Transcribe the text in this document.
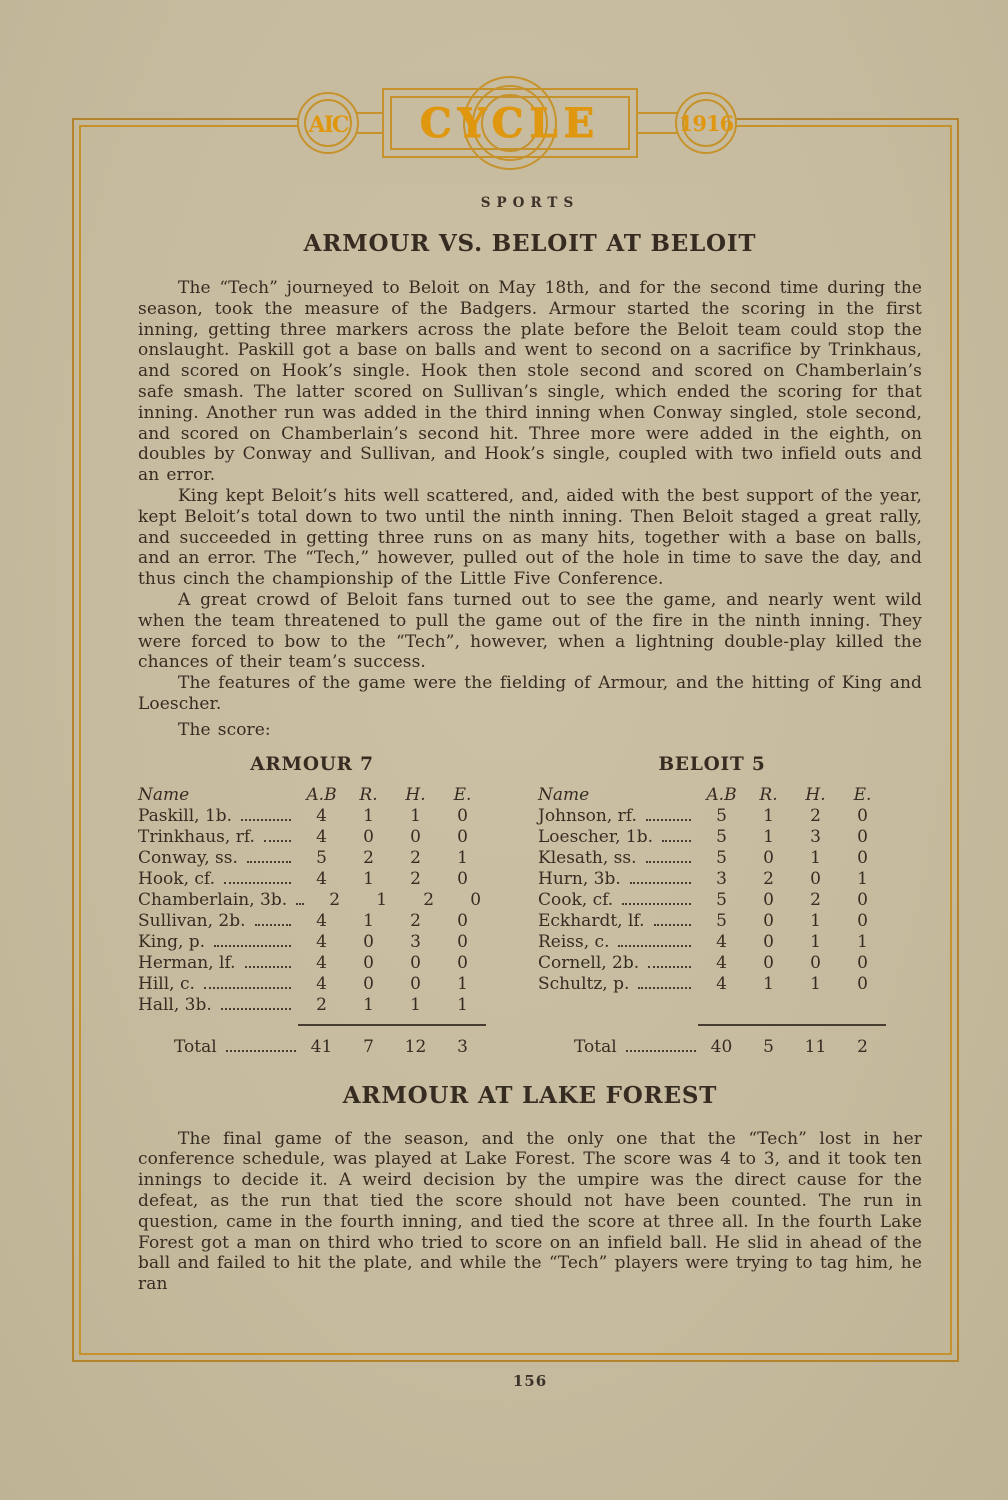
AIC	1916
CYCLE
SPORTS
ARMOUR VS. BELOIT AT BELOIT

The “Tech” journeyed to Beloit on May 18th, and for the second time during the season, took the measure of the Badgers. Armour started the scoring in the first inning, getting three markers across the plate before the Beloit team could stop the onslaught. Paskill got a base on balls and went to second on a sacrifice by Trinkhaus, and scored on Hook’s single. Hook then stole second and scored on Chamberlain’s safe smash. The latter scored on Sullivan’s single, which ended the scoring for that inning. Another run was added in the third inning when Conway singled, stole second, and scored on Chamberlain’s second hit. Three more were added in the eighth, on doubles by Conway and Sullivan, and Hook’s single, coupled with two infield outs and an error.

King kept Beloit’s hits well scattered, and, aided with the best support of the year, kept Beloit’s total down to two until the ninth inning. Then Beloit staged a great rally, and succeeded in getting three runs on as many hits, together with a base on balls, and an error. The “Tech,” however, pulled out of the hole in time to save the day, and thus cinch the championship of the Little Five Conference.

A great crowd of Beloit fans turned out to see the game, and nearly went wild when the team threatened to pull the game out of the fire in the ninth inning. They were forced to bow to the “Tech”, however, when a lightning double-play killed the chances of their team’s success.

The features of the game were the fielding of Armour, and the hitting of King and Loescher.

The score:

ARMOUR 7
Name	A.B	R.	H.	E.
Paskill, 1b.	4	1	1	0
Trinkhaus, rf.	4	0	0	0
Conway, ss.	5	2	2	1
Hook, cf.	4	1	2	0
Chamberlain, 3b.	2	1	2	0
Sullivan, 2b.	4	1	2	0
King, p.	4	0	3	0
Herman, lf.	4	0	0	0
Hill, c.	4	0	0	1
Hall, 3b.	2	1	1	1
Total	41	7	12	3
BELOIT 5
Name	A.B	R.	H.	E.
Johnson, rf.	5	1	2	0
Loescher, 1b.	5	1	3	0
Klesath, ss.	5	0	1	0
Hurn, 3b.	3	2	0	1
Cook, cf.	5	0	2	0
Eckhardt, lf.	5	0	1	0
Reiss, c.	4	0	1	1
Cornell, 2b.	4	0	0	0
Schultz, p.	4	1	1	0
Total	40	5	11	2
ARMOUR AT LAKE FOREST

The final game of the season, and the only one that the “Tech” lost in her conference schedule, was played at Lake Forest. The score was 4 to 3, and it took ten innings to decide it. A weird decision by the umpire was the direct cause for the defeat, as the run that tied the score should not have been counted. The run in question, came in the fourth inning, and tied the score at three all. In the fourth Lake Forest got a man on third who tried to score on an infield ball. He slid in ahead of the ball and failed to hit the plate, and while the “Tech” players were trying to tag him, he ran

156
